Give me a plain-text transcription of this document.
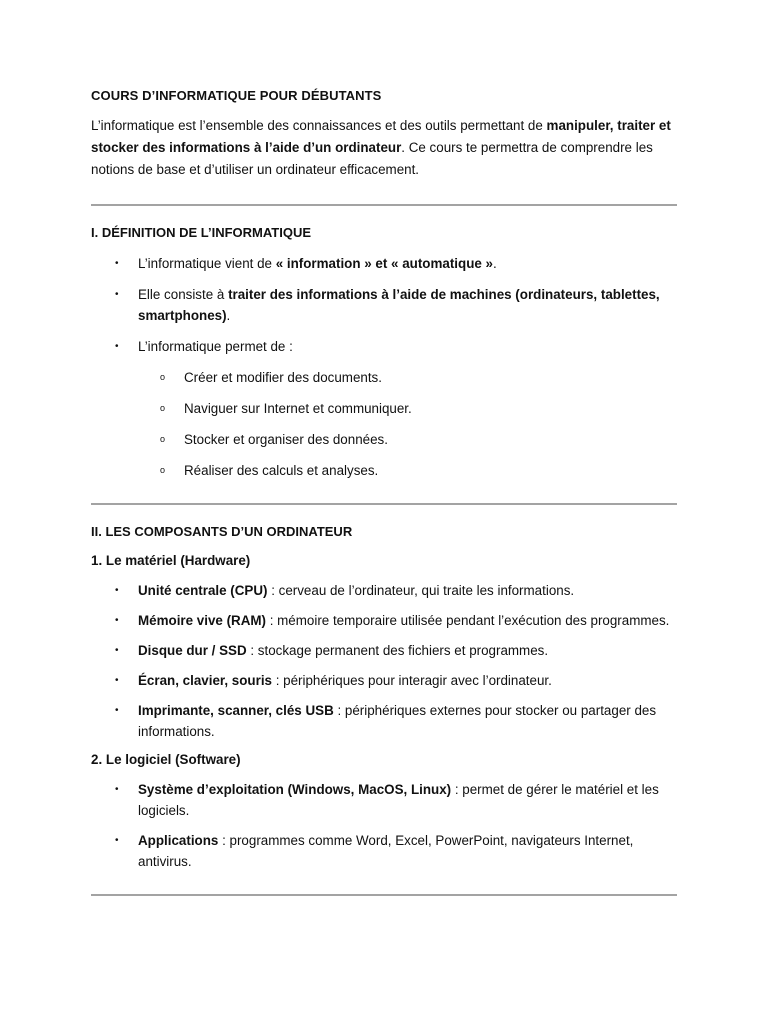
COURS D’INFORMATIQUE POUR DÉBUTANTS

L’informatique est l’ensemble des connaissances et des outils permettant de manipuler, traiter et stocker des informations à l’aide d’un ordinateur. Ce cours te permettra de comprendre les notions de base et d’utiliser un ordinateur efficacement.

I. DÉFINITION DE L’INFORMATIQUE

• L’informatique vient de « information » et « automatique ».
• Elle consiste à traiter des informations à l’aide de machines (ordinateurs, tablettes, smartphones).
• L’informatique permet de :
o Créer et modifier des documents.
o Naviguer sur Internet et communiquer.
o Stocker et organiser des données.
o Réaliser des calculs et analyses.

II. LES COMPOSANTS D’UN ORDINATEUR

1. Le matériel (Hardware)

• Unité centrale (CPU) : cerveau de l’ordinateur, qui traite les informations.
• Mémoire vive (RAM) : mémoire temporaire utilisée pendant l’exécution des programmes.
• Disque dur / SSD : stockage permanent des fichiers et programmes.
• Écran, clavier, souris : périphériques pour interagir avec l’ordinateur.
• Imprimante, scanner, clés USB : périphériques externes pour stocker ou partager des informations.

2. Le logiciel (Software)

• Système d’exploitation (Windows, MacOS, Linux) : permet de gérer le matériel et les logiciels.
• Applications : programmes comme Word, Excel, PowerPoint, navigateurs Internet, antivirus.
